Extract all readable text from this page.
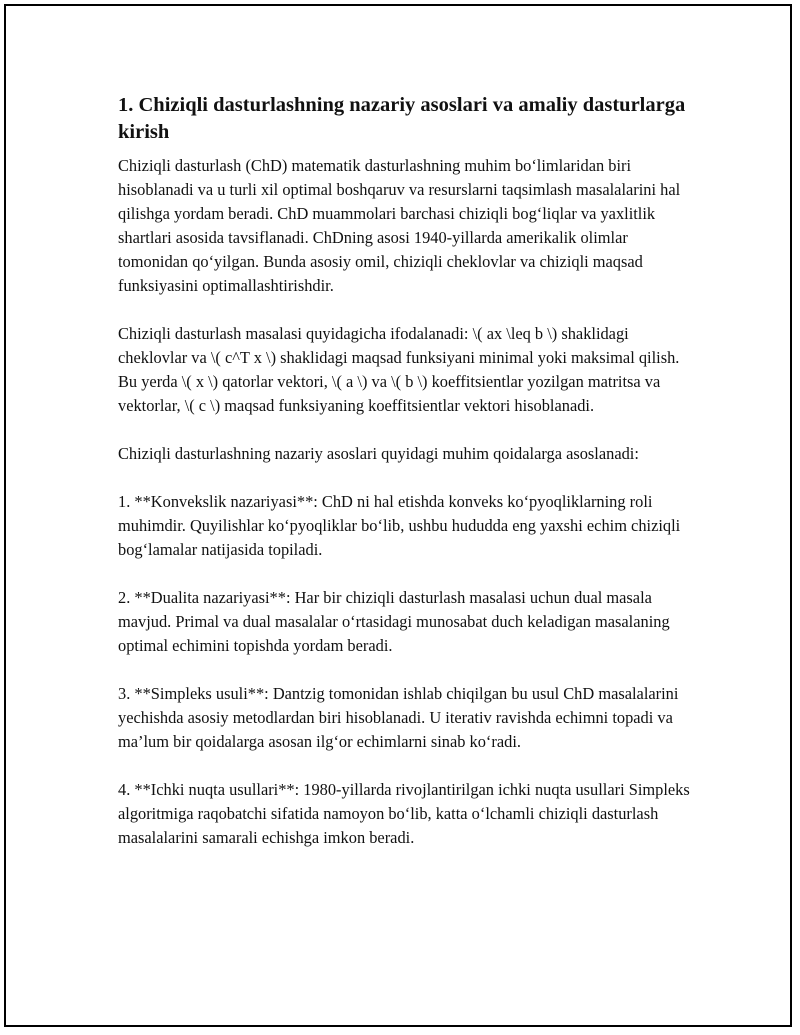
1. Chiziqli dasturlashning nazariy asoslari va amaliy dasturlarga kirish

Chiziqli dasturlash (ChD) matematik dasturlashning muhim bo‘limlaridan biri hisoblanadi va u turli xil optimal boshqaruv va resurslarni taqsimlash masalalarini hal qilishga yordam beradi. ChD muammolari barchasi chiziqli bog‘liqlar va yaxlitlik shartlari asosida tavsiflanadi. ChDning asosi 1940-yillarda amerikalik olimlar tomonidan qo‘yilgan. Bunda asosiy omil, chiziqli cheklovlar va chiziqli maqsad funksiyasini optimallashtirishdir.

Chiziqli dasturlash masalasi quyidagicha ifodalanadi: \( ax \leq b \) shaklidagi cheklovlar va \( c^T x \) shaklidagi maqsad funksiyani minimal yoki maksimal qilish. Bu yerda \( x \) qatorlar vektori, \( a \) va \( b \) koeffitsientlar yozilgan matritsa va vektorlar, \( c \) maqsad funksiyaning koeffitsientlar vektori hisoblanadi.

Chiziqli dasturlashning nazariy asoslari quyidagi muhim qoidalarga asoslanadi:

1. **Konvekslik nazariyasi**: ChD ni hal etishda konveks ko‘pyoqliklarning roli muhimdir. Quyilishlar ko‘pyoqliklar bo‘lib, ushbu hududda eng yaxshi echim chiziqli bog‘lamalar natijasida topiladi.

2. **Dualita nazariyasi**: Har bir chiziqli dasturlash masalasi uchun dual masala mavjud. Primal va dual masalalar o‘rtasidagi munosabat duch keladigan masalaning optimal echimini topishda yordam beradi.

3. **Simpleks usuli**: Dantzig tomonidan ishlab chiqilgan bu usul ChD masalalarini yechishda asosiy metodlardan biri hisoblanadi. U iterativ ravishda echimni topadi va ma’lum bir qoidalarga asosan ilg‘or echimlarni sinab ko‘radi.

4. **Ichki nuqta usullari**: 1980-yillarda rivojlantirilgan ichki nuqta usullari Simpleks algoritmiga raqobatchi sifatida namoyon bo‘lib, katta o‘lchamli chiziqli dasturlash masalalarini samarali echishga imkon beradi.
